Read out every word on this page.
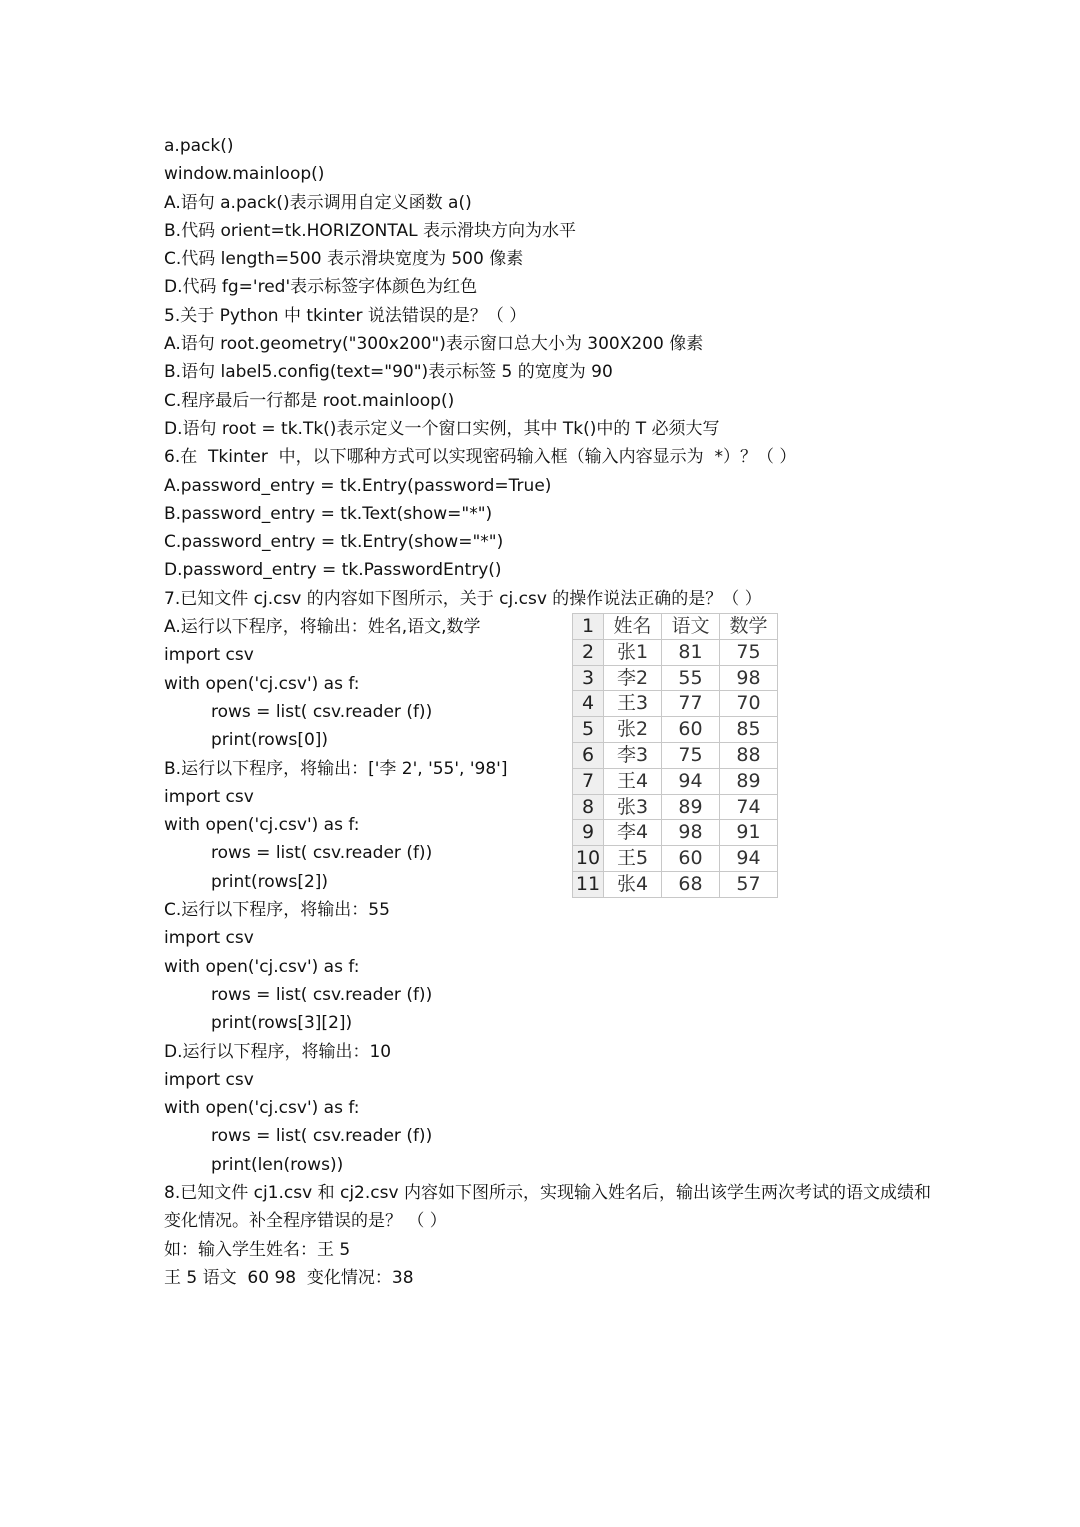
a.pack()
window.mainloop()
A.语句 a.pack()表示调用自定义函数 a()
B.代码 orient=tk.HORIZONTAL 表示滑块方向为水平
C.代码 length=500 表示滑块宽度为 500 像素
D.代码 fg='red'表示标签字体颜色为红色
5.关于 Python 中 tkinter 说法错误的是？（ ）
A.语句 root.geometry("300x200")表示窗口总大小为 300X200 像素
B.语句 label5.config(text="90")表示标签 5 的宽度为 90
C.程序最后一行都是 root.mainloop()
D.语句 root = tk.Tk()表示定义一个窗口实例，其中 Tk()中的 T 必须大写
6.在  Tkinter  中，以下哪种方式可以实现密码输入框（输入内容显示为  *）？（ ）
A.password_entry = tk.Entry(password=True)
B.password_entry = tk.Text(show="*")
C.password_entry = tk.Entry(show="*")
D.password_entry = tk.PasswordEntry()
7.已知文件 cj.csv 的内容如下图所示，关于 cj.csv 的操作说法正确的是？（ ）
A.运行以下程序，将输出：姓名,语文,数学
import csv
with open('cj.csv') as f:
rows = list( csv.reader (f))
print(rows[0])
B.运行以下程序，将输出：['李 2', '55', '98']
import csv
with open('cj.csv') as f:
rows = list( csv.reader (f))
print(rows[2])
C.运行以下程序，将输出：55
import csv
with open('cj.csv') as f:
rows = list( csv.reader (f))
print(rows[3][2])
D.运行以下程序，将输出：10
import csv
with open('cj.csv') as f:
rows = list( csv.reader (f))
print(len(rows))
8.已知文件 cj1.csv 和 cj2.csv 内容如下图所示，实现输入姓名后，输出该学生两次考试的语文成绩和变化情况。补全程序错误的是？ （ ）
如：输入学生姓名：王 5
王 5 语文  60 98  变化情况：38
1	姓名	语文	数学
2	张1	81	75
3	李2	55	98
4	王3	77	70
5	张2	60	85
6	李3	75	88
7	王4	94	89
8	张3	89	74
9	李4	98	91
10	王5	60	94
11	张4	68	57
